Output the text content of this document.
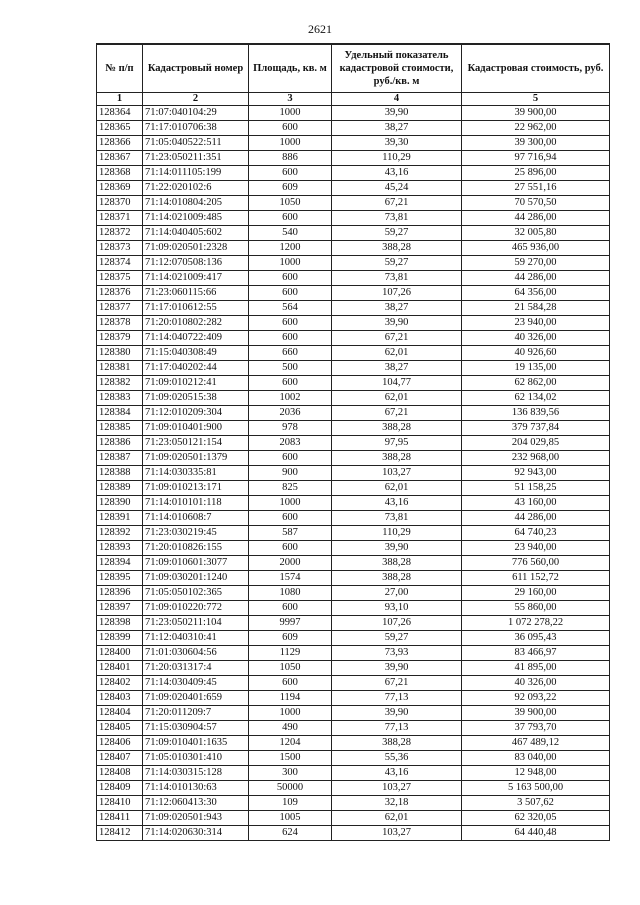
2621
№ п/п	Кадастровый номер	Площадь, кв. м	Удельный показатель кадастровой стоимости, руб./кв. м	Кадастровая стоимость, руб.
1	2	3	4	5
128364	71:07:040104:29	1000	39,90	39 900,00
128365	71:17:010706:38	600	38,27	22 962,00
128366	71:05:040522:511	1000	39,30	39 300,00
128367	71:23:050211:351	886	110,29	97 716,94
128368	71:14:011105:199	600	43,16	25 896,00
128369	71:22:020102:6	609	45,24	27 551,16
128370	71:14:010804:205	1050	67,21	70 570,50
128371	71:14:021009:485	600	73,81	44 286,00
128372	71:14:040405:602	540	59,27	32 005,80
128373	71:09:020501:2328	1200	388,28	465 936,00
128374	71:12:070508:136	1000	59,27	59 270,00
128375	71:14:021009:417	600	73,81	44 286,00
128376	71:23:060115:66	600	107,26	64 356,00
128377	71:17:010612:55	564	38,27	21 584,28
128378	71:20:010802:282	600	39,90	23 940,00
128379	71:14:040722:409	600	67,21	40 326,00
128380	71:15:040308:49	660	62,01	40 926,60
128381	71:17:040202:44	500	38,27	19 135,00
128382	71:09:010212:41	600	104,77	62 862,00
128383	71:09:020515:38	1002	62,01	62 134,02
128384	71:12:010209:304	2036	67,21	136 839,56
128385	71:09:010401:900	978	388,28	379 737,84
128386	71:23:050121:154	2083	97,95	204 029,85
128387	71:09:020501:1379	600	388,28	232 968,00
128388	71:14:030335:81	900	103,27	92 943,00
128389	71:09:010213:171	825	62,01	51 158,25
128390	71:14:010101:118	1000	43,16	43 160,00
128391	71:14:010608:7	600	73,81	44 286,00
128392	71:23:030219:45	587	110,29	64 740,23
128393	71:20:010826:155	600	39,90	23 940,00
128394	71:09:010601:3077	2000	388,28	776 560,00
128395	71:09:030201:1240	1574	388,28	611 152,72
128396	71:05:050102:365	1080	27,00	29 160,00
128397	71:09:010220:772	600	93,10	55 860,00
128398	71:23:050211:104	9997	107,26	1 072 278,22
128399	71:12:040310:41	609	59,27	36 095,43
128400	71:01:030604:56	1129	73,93	83 466,97
128401	71:20:031317:4	1050	39,90	41 895,00
128402	71:14:030409:45	600	67,21	40 326,00
128403	71:09:020401:659	1194	77,13	92 093,22
128404	71:20:011209:7	1000	39,90	39 900,00
128405	71:15:030904:57	490	77,13	37 793,70
128406	71:09:010401:1635	1204	388,28	467 489,12
128407	71:05:010301:410	1500	55,36	83 040,00
128408	71:14:030315:128	300	43,16	12 948,00
128409	71:14:010130:63	50000	103,27	5 163 500,00
128410	71:12:060413:30	109	32,18	3 507,62
128411	71:09:020501:943	1005	62,01	62 320,05
128412	71:14:020630:314	624	103,27	64 440,48
